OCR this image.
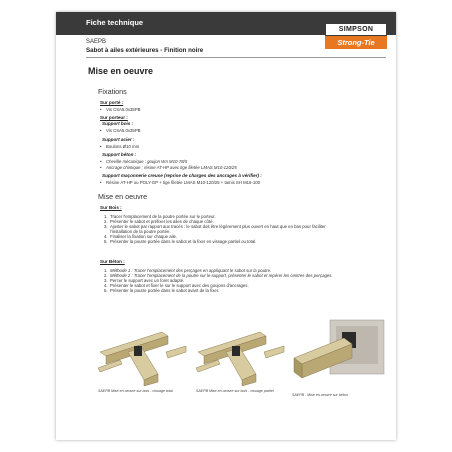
Fiche technique
SIMPSON
Strong-Tie
SAEPB
Sabot à ailes extérieures - Finition noire
Mise en oeuvre
Fixations
Sur porté :
• Vis CSA5.0x35PB
Sur porteur :
Support bois :
• Vis CSA5.0x35PB
Support acier :
• Boulons Ø10 mm
Support béton :
• Cheville mécanique : goujon WA M10-78/5
• Ancrage chimique : résine AT-HP avec tige filetée LMAS M10-120/25
Support maçonnerie creuse (reprise de charges des ancrages à vérifier) :
• Résine AT-HP ou POLY-GP + tige filetée LMAS M10-120/25 + tamis SH M16-100
Mise en oeuvre
Sur Bois :
1. Tracer l'emplacement de la poutre portée sur le porteur.
2. Présenter le sabot et préfixer les ailes de chaque côté.
3. Ajuster le sabot par rapport aux tracés : le sabot doit être légèrement plus ouvert en haut que en bas pour faciliter l'installation de la poutre portée.
4. Finaliser la fixation sur chaque aile.
5. Présenter la poutre portée dans le sabot et la fixer en vissage partiel ou total.
Sur Béton :
1. Méthode 1 : Tracer l'emplacement des perçages en appliquant le sabot sur la poutre.
2. Méthode 2 : Tracer l'emplacement de la poutre sur le support, présenter le sabot et repérer les centres des perçages.
3. Percer le support avec un foret adapté.
4. Présenter le sabot et fixer le sur le support avec des goujons d'ancrages.
5. Présenter la poutre portée dans le sabot avant de la fixer.
SAEPB Mise en oeuvre sur bois - clouage total	SAEPB Mise en oeuvre sur bois - clouage partiel
SAEPB - Mise en oeuvre sur béton
